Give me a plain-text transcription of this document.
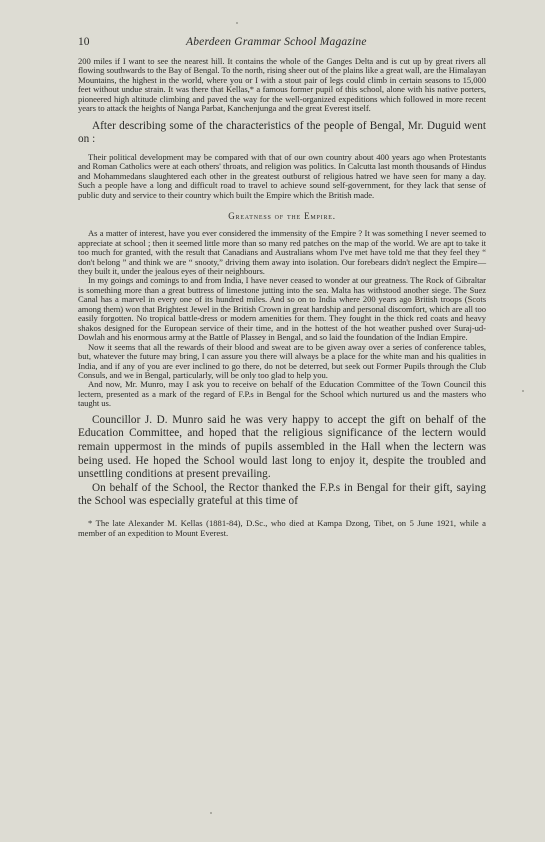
10	Aberdeen Grammar School Magazine

200 miles if I want to see the nearest hill. It contains the whole of the Ganges Delta and is cut up by great rivers all flowing southwards to the Bay of Bengal. To the north, rising sheer out of the plains like a great wall, are the Himalayan Mountains, the highest in the world, where you or I with a stout pair of legs could climb in certain seasons to 15,000 feet without undue strain. It was there that Kellas,* a famous former pupil of this school, alone with his native porters, pioneered high altitude climbing and paved the way for the well-organized expeditions which followed in more recent years to attack the heights of Nanga Parbat, Kanchenjunga and the great Everest itself.

After describing some of the characteristics of the people of Bengal, Mr. Duguid went on :

Their political development may be compared with that of our own country about 400 years ago when Protestants and Roman Catholics were at each others' throats, and religion was politics. In Calcutta last month thousands of Hindus and Mohammedans slaughtered each other in the greatest outburst of religious hatred we have seen for many a day. Such a people have a long and difficult road to travel to achieve sound self-government, for they lack that sense of public duty and service to their country which built the Empire which the British made.

Greatness of the Empire.

As a matter of interest, have you ever considered the immensity of the Empire ? It was something I never seemed to appreciate at school ; then it seemed little more than so many red patches on the map of the world. We are apt to take it too much for granted, with the result that Canadians and Australians whom I've met have told me that they feel they “ don't belong ” and think we are “ snooty,” driving them away into isolation. Our forebears didn't neglect the Empire—they built it, under the jealous eyes of their neighbours.

In my goings and comings to and from India, I have never ceased to wonder at our greatness. The Rock of Gibraltar is something more than a great buttress of limestone jutting into the sea. Malta has withstood another siege. The Suez Canal has a marvel in every one of its hundred miles. And so on to India where 200 years ago British troops (Scots among them) won that Brightest Jewel in the British Crown in great hardship and personal discomfort, which are all too easily forgotten. No tropical battle-dress or modern amenities for them. They fought in the thick red coats and heavy shakos designed for the European service of their time, and in the hottest of the hot weather pushed over Suraj-ud-Dowlah and his enormous army at the Battle of Plassey in Bengal, and so laid the foundation of the Indian Empire.

Now it seems that all the rewards of their blood and sweat are to be given away over a series of conference tables, but, whatever the future may bring, I can assure you there will always be a place for the white man and his qualities in India, and if any of you are ever inclined to go there, do not be deterred, but seek out Former Pupils through the Club Consuls, and we in Bengal, particularly, will be only too glad to help you.

And now, Mr. Munro, may I ask you to receive on behalf of the Education Committee of the Town Council this lectern, presented as a mark of the regard of F.P.s in Bengal for the School which nurtured us and the masters who taught us.

Councillor J. D. Munro said he was very happy to accept the gift on behalf of the Education Committee, and hoped that the religious significance of the lectern would remain uppermost in the minds of pupils assembled in the Hall when the lectern was being used. He hoped the School would last long to enjoy it, despite the troubled and unsettling conditions at present prevailing.

On behalf of the School, the Rector thanked the F.P.s in Bengal for their gift, saying the School was especially grateful at this time of

* The late Alexander M. Kellas (1881-84), D.Sc., who died at Kampa Dzong, Tibet, on 5 June 1921, while a member of an expedition to Mount Everest.
